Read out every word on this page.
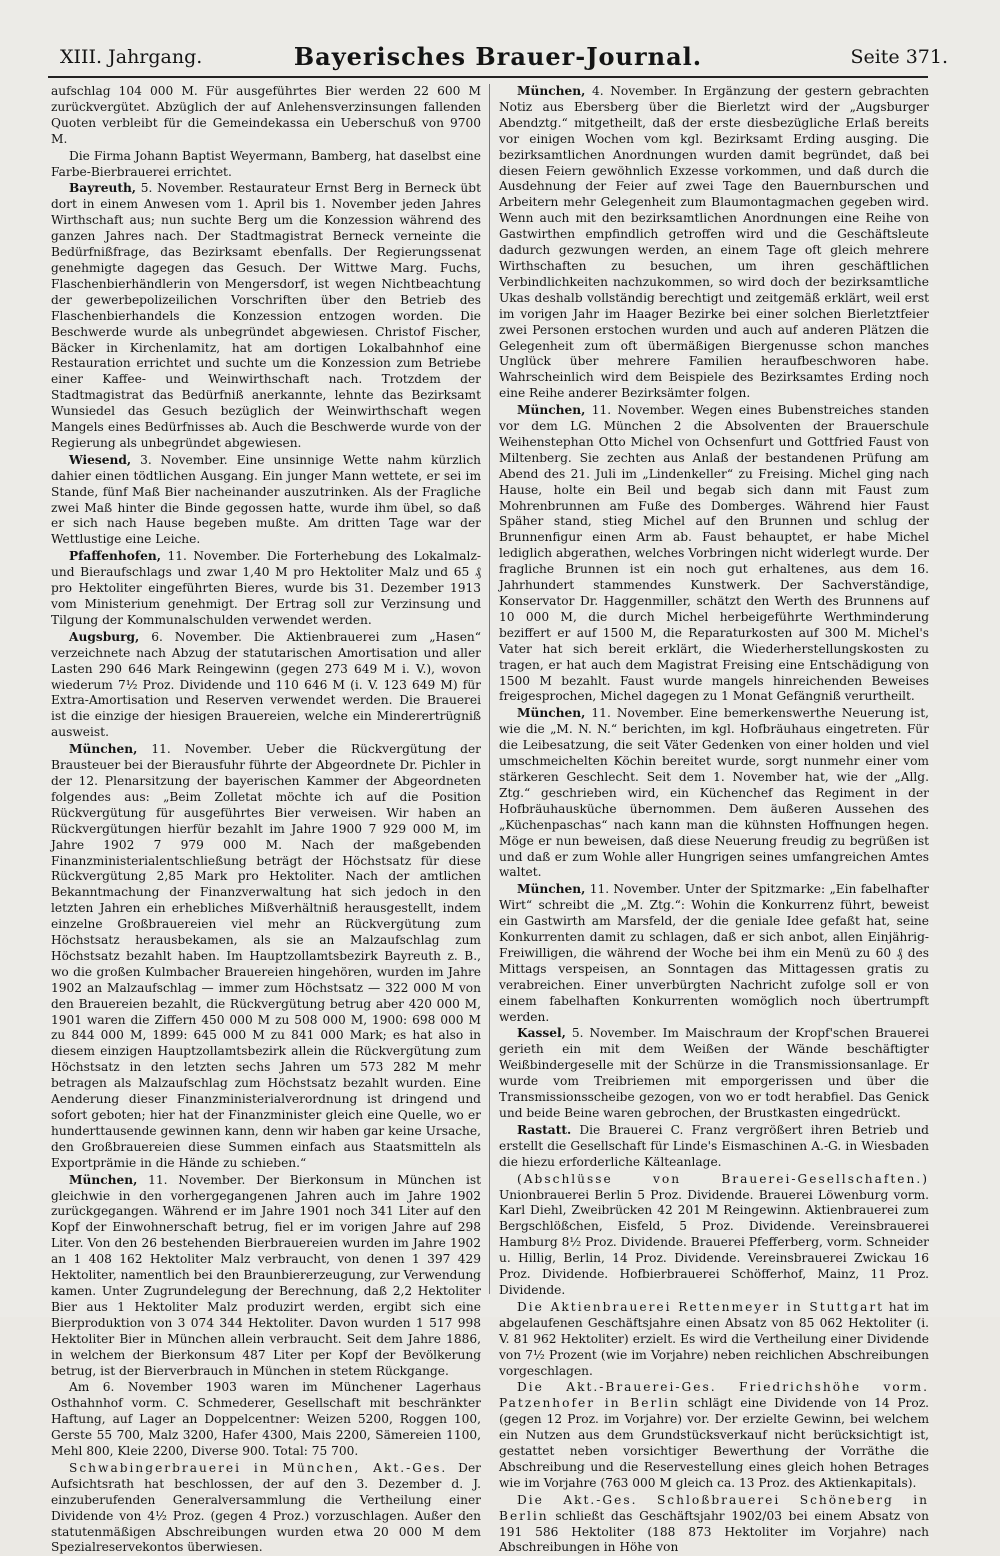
XIII. Jahrgang.	Bayerisches Brauer-Journal.	Seite 371.

aufschlag 104 000 M. Für ausgeführtes Bier werden 22 600 M zurückvergütet. Abzüglich der auf Anlehensverzinsungen fallenden Quoten verbleibt für die Gemeindekassa ein Ueberschuß von 9700 M.

Die Firma Johann Baptist Weyermann, Bamberg, hat daselbst eine Farbe-Bierbrauerei errichtet.

Bayreuth, 5. November. Restaurateur Ernst Berg in Berneck übt dort in einem Anwesen vom 1. April bis 1. November jeden Jahres Wirthschaft aus; nun suchte Berg um die Konzession während des ganzen Jahres nach. Der Stadtmagistrat Berneck verneinte die Bedürfnißfrage, das Bezirksamt ebenfalls. Der Regierungssenat genehmigte dagegen das Gesuch. Der Wittwe Marg. Fuchs, Flaschenbierhändlerin von Mengersdorf, ist wegen Nichtbeachtung der gewerbepolizeilichen Vorschriften über den Betrieb des Flaschenbierhandels die Konzession entzogen worden. Die Beschwerde wurde als unbegründet abgewiesen. Christof Fischer, Bäcker in Kirchenlamitz, hat am dortigen Lokalbahnhof eine Restauration errichtet und suchte um die Konzession zum Betriebe einer Kaffee- und Weinwirthschaft nach. Trotzdem der Stadtmagistrat das Bedürfniß anerkannte, lehnte das Bezirksamt Wunsiedel das Gesuch bezüglich der Weinwirthschaft wegen Mangels eines Bedürfnisses ab. Auch die Beschwerde wurde von der Regierung als unbegründet abgewiesen.

Wiesend, 3. November. Eine unsinnige Wette nahm kürzlich dahier einen tödtlichen Ausgang. Ein junger Mann wettete, er sei im Stande, fünf Maß Bier nacheinander auszutrinken. Als der Fragliche zwei Maß hinter die Binde gegossen hatte, wurde ihm übel, so daß er sich nach Hause begeben mußte. Am dritten Tage war der Wettlustige eine Leiche.

Pfaffenhofen, 11. November. Die Forterhebung des Lokalmalz- und Bieraufschlags und zwar 1,40 M pro Hektoliter Malz und 65 ₰ pro Hektoliter eingeführten Bieres, wurde bis 31. Dezember 1913 vom Ministerium genehmigt. Der Ertrag soll zur Verzinsung und Tilgung der Kommunalschulden verwendet werden.

Augsburg, 6. November. Die Aktienbrauerei zum „Hasen“ verzeichnete nach Abzug der statutarischen Amortisation und aller Lasten 290 646 Mark Reingewinn (gegen 273 649 M i. V.), wovon wiederum 7½ Proz. Dividende und 110 646 M (i. V. 123 649 M) für Extra-Amortisation und Reserven verwendet werden. Die Brauerei ist die einzige der hiesigen Brauereien, welche ein Minderertrügniß ausweist.

München, 11. November. Ueber die Rückvergütung der Brausteuer bei der Bierausfuhr führte der Abgeordnete Dr. Pichler in der 12. Plenarsitzung der bayerischen Kammer der Abgeordneten folgendes aus: „Beim Zolletat möchte ich auf die Position Rückvergütung für ausgeführtes Bier verweisen. Wir haben an Rückvergütungen hierfür bezahlt im Jahre 1900 7 929 000 M, im Jahre 1902 7 979 000 M. Nach der maßgebenden Finanzministerialentschließung beträgt der Höchstsatz für diese Rückvergütung 2,85 Mark pro Hektoliter. Nach der amtlichen Bekanntmachung der Finanzverwaltung hat sich jedoch in den letzten Jahren ein erhebliches Mißverhältniß herausgestellt, indem einzelne Großbrauereien viel mehr an Rückvergütung zum Höchstsatz herausbekamen, als sie an Malzaufschlag zum Höchstsatz bezahlt haben. Im Hauptzollamtsbezirk Bayreuth z. B., wo die großen Kulmbacher Brauereien hingehören, wurden im Jahre 1902 an Malzaufschlag — immer zum Höchstsatz — 322 000 M von den Brauereien bezahlt, die Rückvergütung betrug aber 420 000 M, 1901 waren die Ziffern 450 000 M zu 508 000 M, 1900: 698 000 M zu 844 000 M, 1899: 645 000 M zu 841 000 Mark; es hat also in diesem einzigen Hauptzollamtsbezirk allein die Rückvergütung zum Höchstsatz in den letzten sechs Jahren um 573 282 M mehr betragen als Malzaufschlag zum Höchstsatz bezahlt wurden. Eine Aenderung dieser Finanzministerialverordnung ist dringend und sofort geboten; hier hat der Finanzminister gleich eine Quelle, wo er hunderttausende gewinnen kann, denn wir haben gar keine Ursache, den Großbrauereien diese Summen einfach aus Staatsmitteln als Exportprämie in die Hände zu schieben.“

München, 11. November. Der Bierkonsum in München ist gleichwie in den vorhergegangenen Jahren auch im Jahre 1902 zurückgegangen. Während er im Jahre 1901 noch 341 Liter auf den Kopf der Einwohnerschaft betrug, fiel er im vorigen Jahre auf 298 Liter. Von den 26 bestehenden Bierbrauereien wurden im Jahre 1902 an 1 408 162 Hektoliter Malz verbraucht, von denen 1 397 429 Hektoliter, namentlich bei den Braunbiererzeugung, zur Verwendung kamen. Unter Zugrundelegung der Berechnung, daß 2,2 Hektoliter Bier aus 1 Hektoliter Malz produzirt werden, ergibt sich eine Bierproduktion von 3 074 344 Hektoliter. Davon wurden 1 517 998 Hektoliter Bier in München allein verbraucht. Seit dem Jahre 1886, in welchem der Bierkonsum 487 Liter per Kopf der Bevölkerung betrug, ist der Bierverbrauch in München in stetem Rückgange.

Am 6. November 1903 waren im Münchener Lagerhaus Osthahnhof vorm. C. Schmederer, Gesellschaft mit beschränkter Haftung, auf Lager an Doppelcentner: Weizen 5200, Roggen 100, Gerste 55 700, Malz 3200, Hafer 4300, Mais 2200, Sämereien 1100, Mehl 800, Kleie 2200, Diverse 900. Total: 75 700.

Schwabingerbrauerei in München, Akt.-Ges. Der Aufsichtsrath hat beschlossen, der auf den 3. Dezember d. J. einzuberufenden Generalversammlung die Vertheilung einer Dividende von 4½ Proz. (gegen 4 Proz.) vorzuschlagen. Außer den statutenmäßigen Abschreibungen wurden etwa 20 000 M dem Spezialreservekontos überwiesen.

München, 4. November. In Ergänzung der gestern gebrachten Notiz aus Ebersberg über die Bierletzt wird der „Augsburger Abendztg.“ mitgetheilt, daß der erste diesbezügliche Erlaß bereits vor einigen Wochen vom kgl. Bezirksamt Erding ausging. Die bezirksamtlichen Anordnungen wurden damit begründet, daß bei diesen Feiern gewöhnlich Exzesse vorkommen, und daß durch die Ausdehnung der Feier auf zwei Tage den Bauernburschen und Arbeitern mehr Gelegenheit zum Blaumontagmachen gegeben wird. Wenn auch mit den bezirksamtlichen Anordnungen eine Reihe von Gastwirthen empfindlich getroffen wird und die Geschäftsleute dadurch gezwungen werden, an einem Tage oft gleich mehrere Wirthschaften zu besuchen, um ihren geschäftlichen Verbindlichkeiten nachzukommen, so wird doch der bezirksamtliche Ukas deshalb vollständig berechtigt und zeitgemäß erklärt, weil erst im vorigen Jahr im Haager Bezirke bei einer solchen Bierletztfeier zwei Personen erstochen wurden und auch auf anderen Plätzen die Gelegenheit zum oft übermäßigen Biergenusse schon manches Unglück über mehrere Familien heraufbeschworen habe. Wahrscheinlich wird dem Beispiele des Bezirksamtes Erding noch eine Reihe anderer Bezirksämter folgen.

München, 11. November. Wegen eines Bubenstreiches standen vor dem LG. München 2 die Absolventen der Brauerschule Weihenstephan Otto Michel von Ochsenfurt und Gottfried Faust von Miltenberg. Sie zechten aus Anlaß der bestandenen Prüfung am Abend des 21. Juli im „Lindenkeller“ zu Freising. Michel ging nach Hause, holte ein Beil und begab sich dann mit Faust zum Mohrenbrunnen am Fuße des Domberges. Während hier Faust Späher stand, stieg Michel auf den Brunnen und schlug der Brunnenfigur einen Arm ab. Faust behauptet, er habe Michel lediglich abgerathen, welches Vorbringen nicht widerlegt wurde. Der fragliche Brunnen ist ein noch gut erhaltenes, aus dem 16. Jahrhundert stammendes Kunstwerk. Der Sachverständige, Konservator Dr. Haggenmiller, schätzt den Werth des Brunnens auf 10 000 M, die durch Michel herbeigeführte Werthminderung beziffert er auf 1500 M, die Reparaturkosten auf 300 M. Michel's Vater hat sich bereit erklärt, die Wiederherstellungskosten zu tragen, er hat auch dem Magistrat Freising eine Entschädigung von 1500 M bezahlt. Faust wurde mangels hinreichenden Beweises freigesprochen, Michel dagegen zu 1 Monat Gefängniß verurtheilt.

München, 11. November. Eine bemerkenswerthe Neuerung ist, wie die „M. N. N.“ berichten, im kgl. Hofbräuhaus eingetreten. Für die Leibesatzung, die seit Väter Gedenken von einer holden und viel umschmeichelten Köchin bereitet wurde, sorgt nunmehr einer vom stärkeren Geschlecht. Seit dem 1. November hat, wie der „Allg. Ztg.“ geschrieben wird, ein Küchenchef das Regiment in der Hofbräuhausküche übernommen. Dem äußeren Aussehen des „Küchenpaschas“ nach kann man die kühnsten Hoffnungen hegen. Möge er nun beweisen, daß diese Neuerung freudig zu begrüßen ist und daß er zum Wohle aller Hungrigen seines umfangreichen Amtes waltet.

München, 11. November. Unter der Spitzmarke: „Ein fabelhafter Wirt“ schreibt die „M. Ztg.“: Wohin die Konkurrenz führt, beweist ein Gastwirth am Marsfeld, der die geniale Idee gefaßt hat, seine Konkurrenten damit zu schlagen, daß er sich anbot, allen Einjährig-Freiwilligen, die während der Woche bei ihm ein Menü zu 60 ₰ des Mittags verspeisen, an Sonntagen das Mittagessen gratis zu verabreichen. Einer unverbürgten Nachricht zufolge soll er von einem fabelhaften Konkurrenten womöglich noch übertrumpft werden.

Kassel, 5. November. Im Maischraum der Kropf'schen Brauerei gerieth ein mit dem Weißen der Wände beschäftigter Weißbindergeselle mit der Schürze in die Transmissionsanlage. Er wurde vom Treibriemen mit emporgerissen und über die Transmissionsscheibe gezogen, von wo er todt herabfiel. Das Genick und beide Beine waren gebrochen, der Brustkasten eingedrückt.

Rastatt. Die Brauerei C. Franz vergrößert ihren Betrieb und erstellt die Gesellschaft für Linde's Eismaschinen A.-G. in Wiesbaden die hiezu erforderliche Kälteanlage.

(Abschlüsse von Brauerei-Gesellschaften.) Unionbrauerei Berlin 5 Proz. Dividende. Brauerei Löwenburg vorm. Karl Diehl, Zweibrücken 42 201 M Reingewinn. Aktienbrauerei zum Bergschlößchen, Eisfeld, 5 Proz. Dividende. Vereinsbrauerei Hamburg 8½ Proz. Dividende. Brauerei Pfefferberg, vorm. Schneider u. Hillig, Berlin, 14 Proz. Dividende. Vereinsbrauerei Zwickau 16 Proz. Dividende. Hofbierbrauerei Schöfferhof, Mainz, 11 Proz. Dividende.

Die Aktienbrauerei Rettenmeyer in Stuttgart hat im abgelaufenen Geschäftsjahre einen Absatz von 85 062 Hektoliter (i. V. 81 962 Hektoliter) erzielt. Es wird die Vertheilung einer Dividende von 7½ Prozent (wie im Vorjahre) neben reichlichen Abschreibungen vorgeschlagen.

Die Akt.-Brauerei-Ges. Friedrichshöhe vorm. Patzenhofer in Berlin schlägt eine Dividende von 14 Proz. (gegen 12 Proz. im Vorjahre) vor. Der erzielte Gewinn, bei welchem ein Nutzen aus dem Grundstücksverkauf nicht berücksichtigt ist, gestattet neben vorsichtiger Bewerthung der Vorräthe die Abschreibung und die Reservestellung eines gleich hohen Betrages wie im Vorjahre (763 000 M gleich ca. 13 Proz. des Aktienkapitals).

Die Akt.-Ges. Schloßbrauerei Schöneberg in Berlin schließt das Geschäftsjahr 1902/03 bei einem Absatz von 191 586 Hektoliter (188 873 Hektoliter im Vorjahre) nach Abschreibungen in Höhe von
